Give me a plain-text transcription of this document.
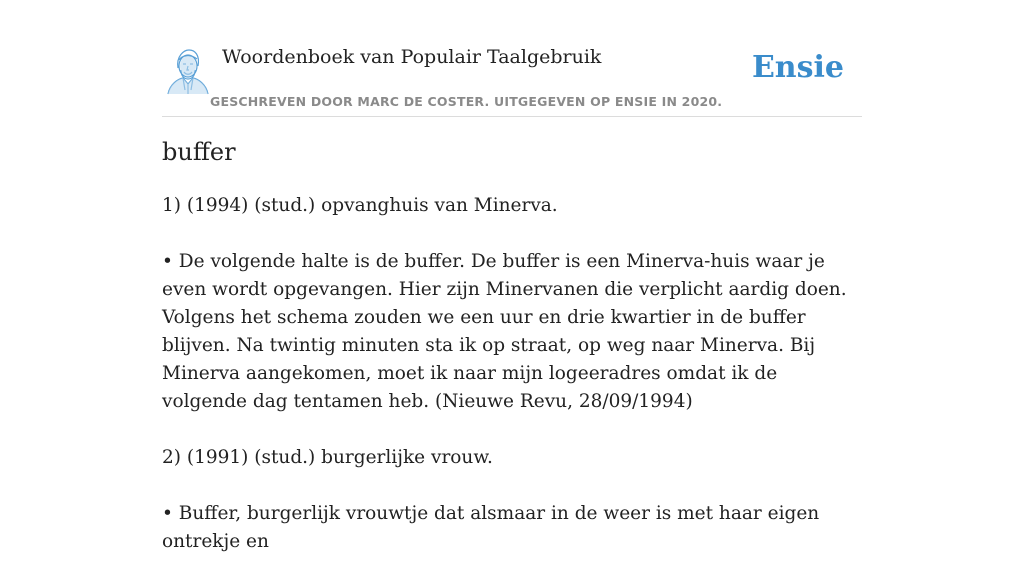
Woordenboek van Populair Taalgebruik
GESCHREVEN DOOR MARC DE COSTER. UITGEGEVEN OP ENSIE IN 2020.
Ensie
buffer

1) (1994) (stud.) opvanghuis van Minerva.

• De volgende halte is de buffer. De buffer is een Minerva-huis waar je even wordt opgevangen. Hier zijn Minervanen die verplicht aardig doen. Volgens het schema zouden we een uur en drie kwartier in de buffer blijven. Na twintig minuten sta ik op straat, op weg naar Minerva. Bij Minerva aangekomen, moet ik naar mijn logeeradres omdat ik de volgende dag tentamen heb. (Nieuwe Revu, 28/09/1994)

2) (1991) (stud.) burgerlijke vrouw.

• Buffer, burgerlijk vrouwtje dat alsmaar in de weer is met haar eigen ontrekje en
